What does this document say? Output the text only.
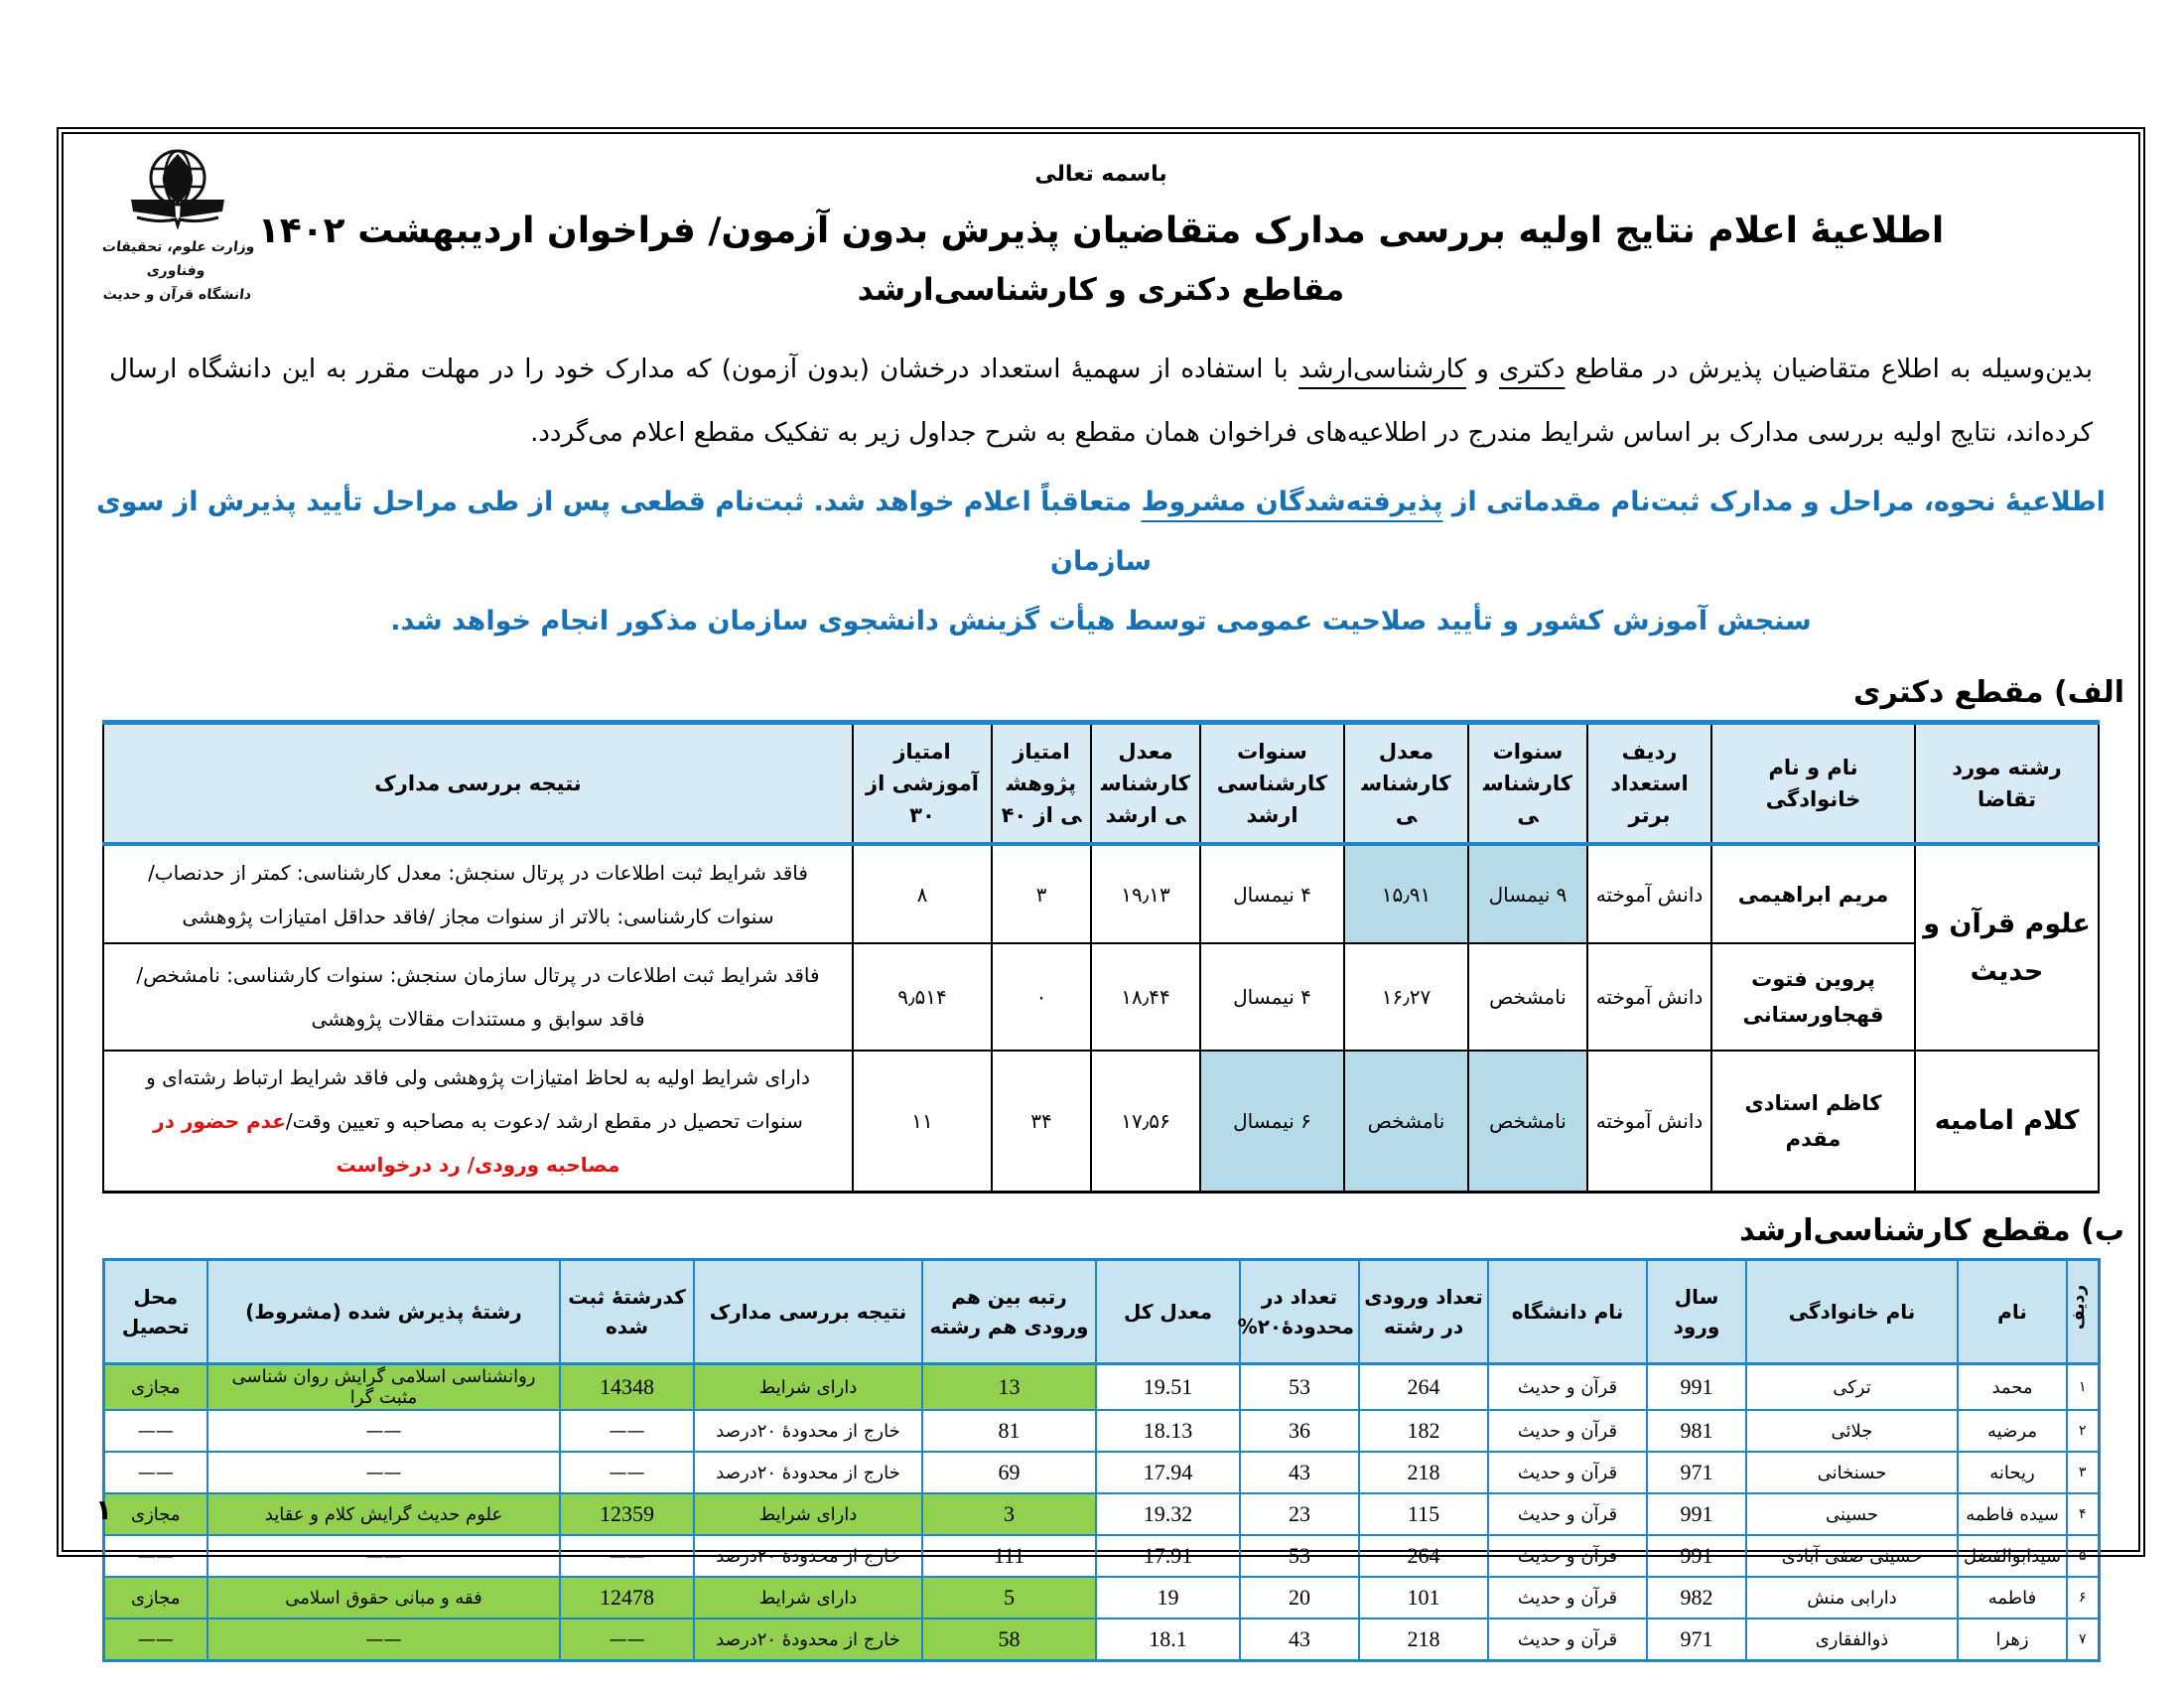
وزارت علوم، تحقیقات وفناوری
دانشگاه قرآن و حدیث
باسمه تعالی
اطلاعیۀ اعلام نتایج اولیه بررسی مدارک متقاضیان پذیرش بدون آزمون/ فراخوان اردیبهشت ۱۴۰۲
مقاطع دکتری و کارشناسی‌ارشد

بدین‌وسیله به اطلاع متقاضیان پذیرش در مقاطع دکتری و کارشناسی‌ارشد با استفاده از سهمیۀ استعداد درخشان (بدون آزمون) که مدارک خود را در مهلت مقرر به این دانشگاه ارسال کرده‌اند، نتایج اولیه بررسی مدارک بر اساس شرایط مندرج در اطلاعیه‌های فراخوان همان مقطع به شرح جداول زیر به تفکیک مقطع اعلام می‌گردد.

اطلاعیۀ نحوه، مراحل و مدارک ثبت‌نام مقدماتی از پذیرفته‌شدگان مشروط متعاقباً اعلام خواهد شد. ثبت‌نام قطعی پس از طی مراحل تأیید پذیرش از سوی سازمان
سنجش آموزش کشور و تأیید صلاحیت عمومی توسط هیأت گزینش دانشجوی سازمان مذکور انجام خواهد شد.
الف) مقطع دکتری
رشته مورد تقاضا	نام و نام خانوادگی	ردیف استعداد برتر	سنوات کارشناسی	معدل کارشناسی	سنوات کارشناسی ارشد	معدل کارشناسی ارشد	امتیاز پژوهشی از ۴۰	امتیاز آموزشی از ۳۰	نتیجه بررسی مدارک
علوم قرآن و حدیث	مریم ابراهیمی	دانش آموخته	۹ نیمسال	۱۵٫۹۱	۴ نیمسال	۱۹٫۱۳	۳	۸	فاقد شرایط ثبت اطلاعات در پرتال سنجش: معدل کارشناسی: کمتر از حدنصاب/ سنوات کارشناسی: بالاتر از سنوات مجاز /فاقد حداقل امتیازات پژوهشی
	پروین فتوت قهجاورستانی	دانش آموخته	نامشخص	۱۶٫۲۷	۴ نیمسال	۱۸٫۴۴	۰	۹٫۵۱۴	فاقد شرایط ثبت اطلاعات در پرتال سازمان سنجش: سنوات کارشناسی: نامشخص/فاقد سوابق و مستندات مقالات پژوهشی
کلام امامیه	کاظم استادی مقدم	دانش آموخته	نامشخص	نامشخص	۶ نیمسال	۱۷٫۵۶	۳۴	۱۱	دارای شرایط اولیه به لحاظ امتیازات پژوهشی ولی فاقد شرایط ارتباط رشته‌ای و سنوات تحصیل در مقطع ارشد /دعوت به مصاحبه و تعیین وقت/عدم حضور در مصاحبه ورودی/ رد درخواست
ب) مقطع کارشناسی‌ارشد
ردیف	نام	نام خانوادگی	سال ورود	نام دانشگاه	تعداد ورودی در رشته	تعداد در محدودۀ۲۰%	معدل کل	رتبه بین هم ورودی هم رشته	نتیجه بررسی مدارک	کدرشتۀ ثبت شده	رشتۀ پذیرش شده (مشروط)	محل تحصیل
۱	محمد	ترکی	991	قرآن و حدیث	264	53	19.51	13	دارای شرایط	14348	روانشناسی اسلامی گرایش روان شناسی مثبت گرا	مجازی
۲	مرضیه	جلائی	981	قرآن و حدیث	182	36	18.13	81	خارج از محدودۀ ۲۰درصد	——	——	——
۳	ریحانه	حسنخانی	971	قرآن و حدیث	218	43	17.94	69	خارج از محدودۀ ۲۰درصد	——	——	——
۴	سیده فاطمه	حسینی	991	قرآن و حدیث	115	23	19.32	3	دارای شرایط	12359	علوم حدیث گرایش کلام و عقاید	مجازی
۵	سیدابوالفضل	حسینی صفی آبادی	991	قرآن و حدیث	264	53	17.91	111	خارج از محدودۀ ۲۰درصد	——	——	——
۶	فاطمه	دارابی منش	982	قرآن و حدیث	101	20	19	5	دارای شرایط	12478	فقه و مبانی حقوق اسلامی	مجازی
۷	زهرا	ذوالفقاری	971	قرآن و حدیث	218	43	18.1	58	خارج از محدودۀ ۲۰درصد	——	——	——
۱
